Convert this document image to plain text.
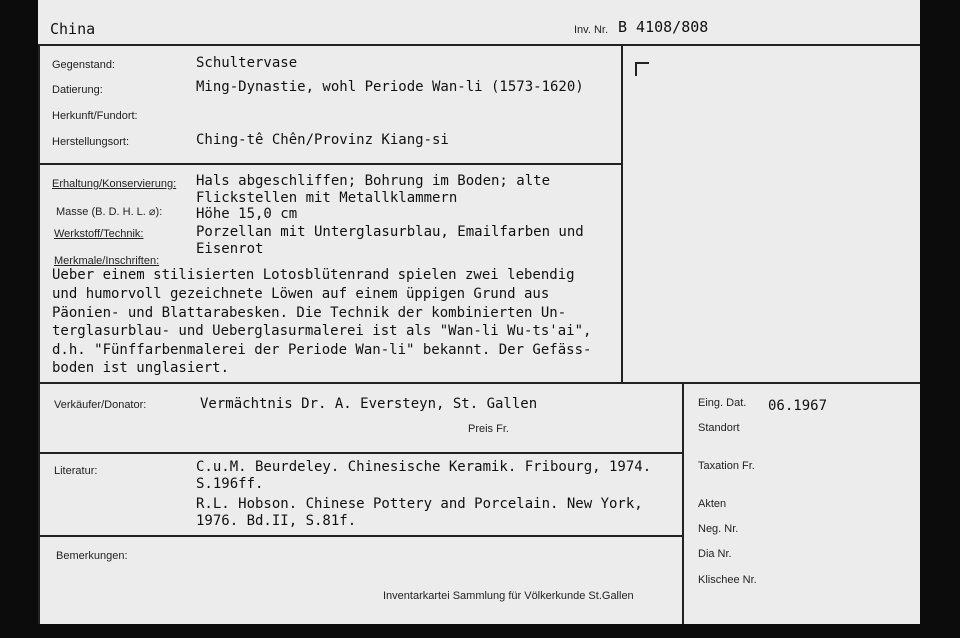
China	Inv. Nr. B 4108/808
Gegenstand:	Schultervase
Datierung:	Ming-Dynastie, wohl Periode Wan-li (1573-1620)
Herkunft/Fundort:
Herstellungsort:	Ching-tê Chên/Provinz Kiang-si
Erhaltung/Konservierung: Hals abgeschliffen; Bohrung im Boden; alte
Flickstellen mit Metallklammern
Masse (B. D. H. L. ⌀): Höhe 15,0 cm
Werkstoff/Technik:	Porzellan mit Unterglasurblau, Emailfarben und
Eisenrot
Merkmale/Inschriften:
Ueber einem stilisierten Lotosblütenrand spielen zwei lebendig
und humorvoll gezeichnete Löwen auf einem üppigen Grund aus
Päonien- und Blattarabesken. Die Technik der kombinierten Un-
terglasurblau- und Ueberglasurmalerei ist als "Wan-li Wu-ts'ai",
d.h. "Fünffarbenmalerei der Periode Wan-li" bekannt. Der Gefäss-
boden ist unglasiert.
Verkäufer/Donator:	Vermächtnis Dr. A. Eversteyn, St. Gallen
Preis Fr.
Eing. Dat. 06.1967
Standort
Taxation Fr.
Akten
Neg. Nr.
Dia Nr.
Klischee Nr.
Literatur:	C.u.M. Beurdeley. Chinesische Keramik. Fribourg, 1974.
S.196ff.
R.L. Hobson. Chinese Pottery and Porcelain. New York,
1976. Bd.II, S.81f.
Bemerkungen:
Inventarkartei Sammlung für Völkerkunde St.Gallen
